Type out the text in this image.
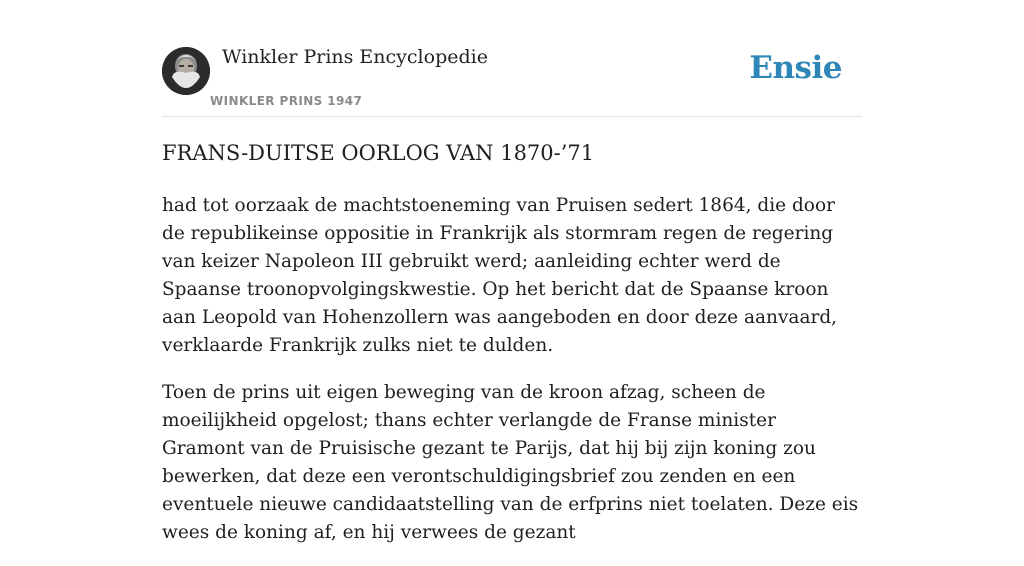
Winkler Prins Encyclopedie
WINKLER PRINS 1947
Ensie
FRANS-DUITSE OORLOG VAN 1870-’71

had tot oorzaak de machtstoeneming van Pruisen sedert 1864, die door de republikeinse oppositie in Frankrijk als stormram regen de regering van keizer Napoleon III gebruikt werd; aanleiding echter werd de Spaanse troonopvolgingskwestie. Op het bericht dat de Spaanse kroon aan Leopold van Hohenzollern was aangeboden en door deze aanvaard, verklaarde Frankrijk zulks niet te dulden.

Toen de prins uit eigen beweging van de kroon afzag, scheen de moeilijkheid opgelost; thans echter verlangde de Franse minister Gramont van de Pruisische gezant te Parijs, dat hij bij zijn koning zou bewerken, dat deze een verontschuldigingsbrief zou zenden en een eventuele nieuwe candidaatstelling van de erfprins niet toelaten. Deze eis wees de koning af, en hij verwees de gezant
